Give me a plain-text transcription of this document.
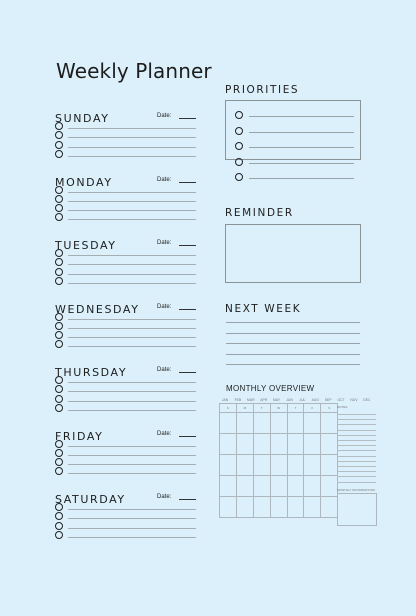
Weekly Planner
SUNDAY	Date:
MONDAY	Date:
TUESDAY	Date:
WEDNESDAY	Date:
THURSDAY	Date:
FRIDAY	Date:
SATURDAY	Date:
PRIORITIES
REMINDER
NEXT WEEK
MONTHLY OVERVIEW
JAN	FEB	MAR	APR	MAY	JUN	JUL	AUG	SEP	OCT	NOV	DEC
S	M	T	W	T	F	S

						NOTES
MONTHLY INFORMATIONS
